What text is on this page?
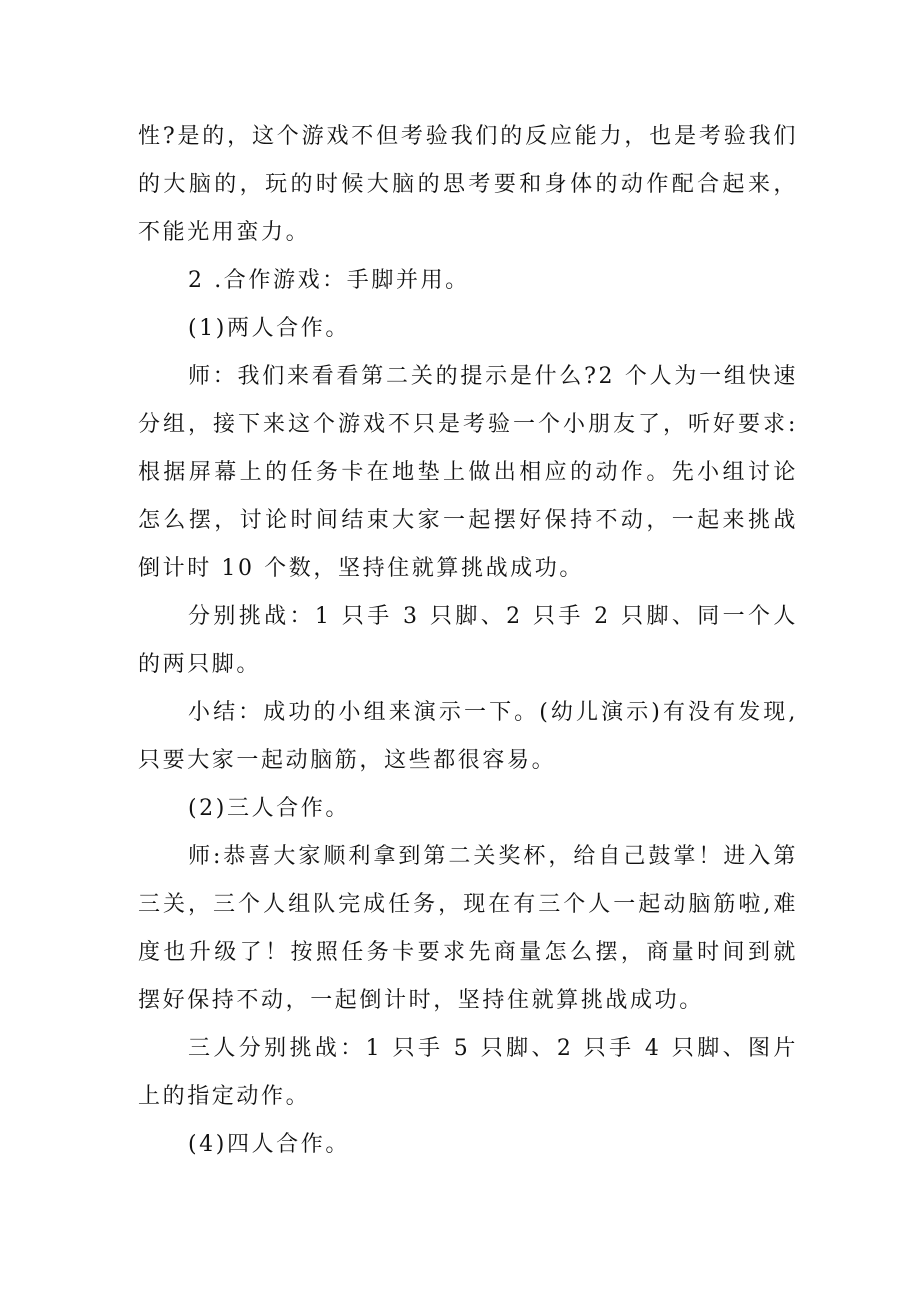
性?是的，这个游戏不但考验我们的反应能力，也是考验我们的大脑的，玩的时候大脑的思考要和身体的动作配合起来，不能光用蛮力。

2 .合作游戏：手脚并用。

(1)两人合作。

师：我们来看看第二关的提示是什么?2 个人为一组快速分组，接下来这个游戏不只是考验一个小朋友了，听好要求:根据屏幕上的任务卡在地垫上做出相应的动作。先小组讨论怎么摆，讨论时间结束大家一起摆好保持不动，一起来挑战倒计时 10 个数，坚持住就算挑战成功。

分别挑战：1 只手 3 只脚、2 只手 2 只脚、同一个人的两只脚。

小结：成功的小组来演示一下。(幼儿演示)有没有发现,只要大家一起动脑筋，这些都很容易。

(2)三人合作。

师:恭喜大家顺利拿到第二关奖杯，给自己鼓掌！进入第三关，三个人组队完成任务，现在有三个人一起动脑筋啦,难度也升级了！按照任务卡要求先商量怎么摆，商量时间到就摆好保持不动，一起倒计时，坚持住就算挑战成功。

三人分别挑战：1 只手 5 只脚、2 只手 4 只脚、图片上的指定动作。

(4)四人合作。
